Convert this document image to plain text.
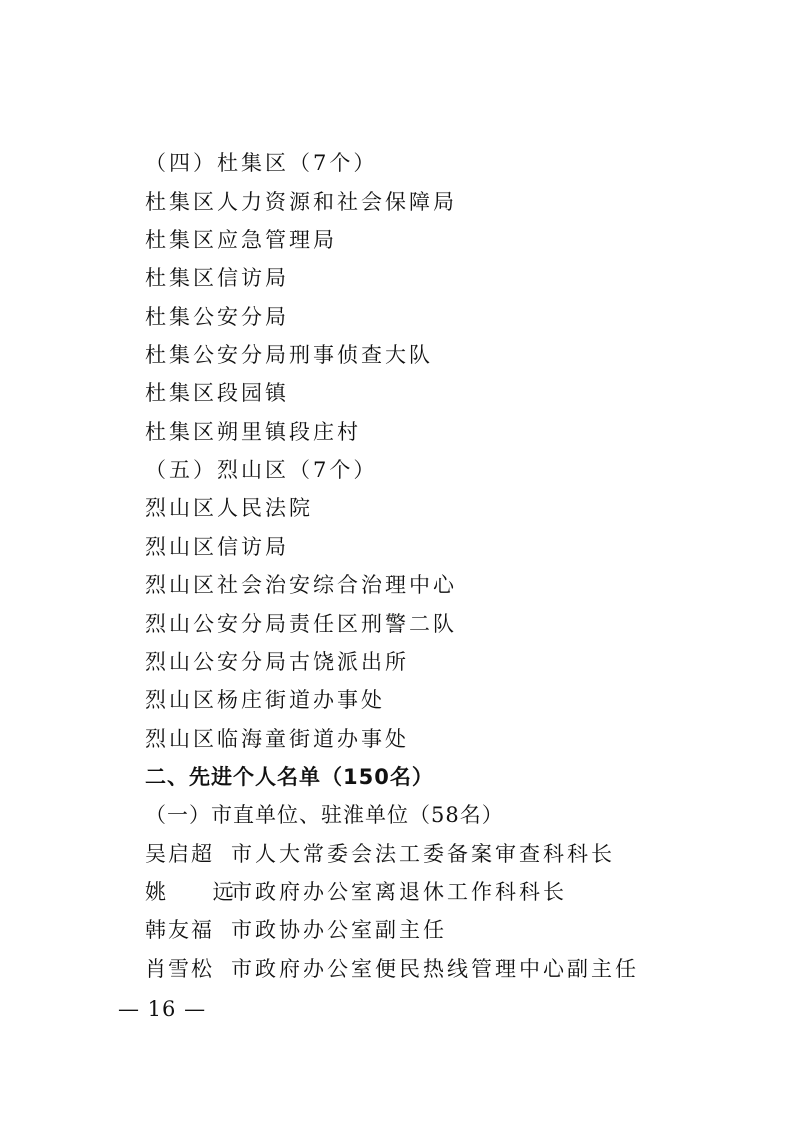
（四）杜集区（7个）
杜集区人力资源和社会保障局
杜集区应急管理局
杜集区信访局
杜集公安分局
杜集公安分局刑事侦查大队
杜集区段园镇
杜集区朔里镇段庄村
（五）烈山区（7个）
烈山区人民法院
烈山区信访局
烈山区社会治安综合治理中心
烈山公安分局责任区刑警二队
烈山公安分局古饶派出所
烈山区杨庄街道办事处
烈山区临海童街道办事处
二、先进个人名单（150名）
（一）市直单位、驻淮单位（58名）
吴启超 市人大常委会法工委备案审查科科长
姚 远
市政府办公室离退休工作科科长
韩友福 市政协办公室副主任
肖雪松 市政府办公室便民热线管理中心副主任
— 16 —
